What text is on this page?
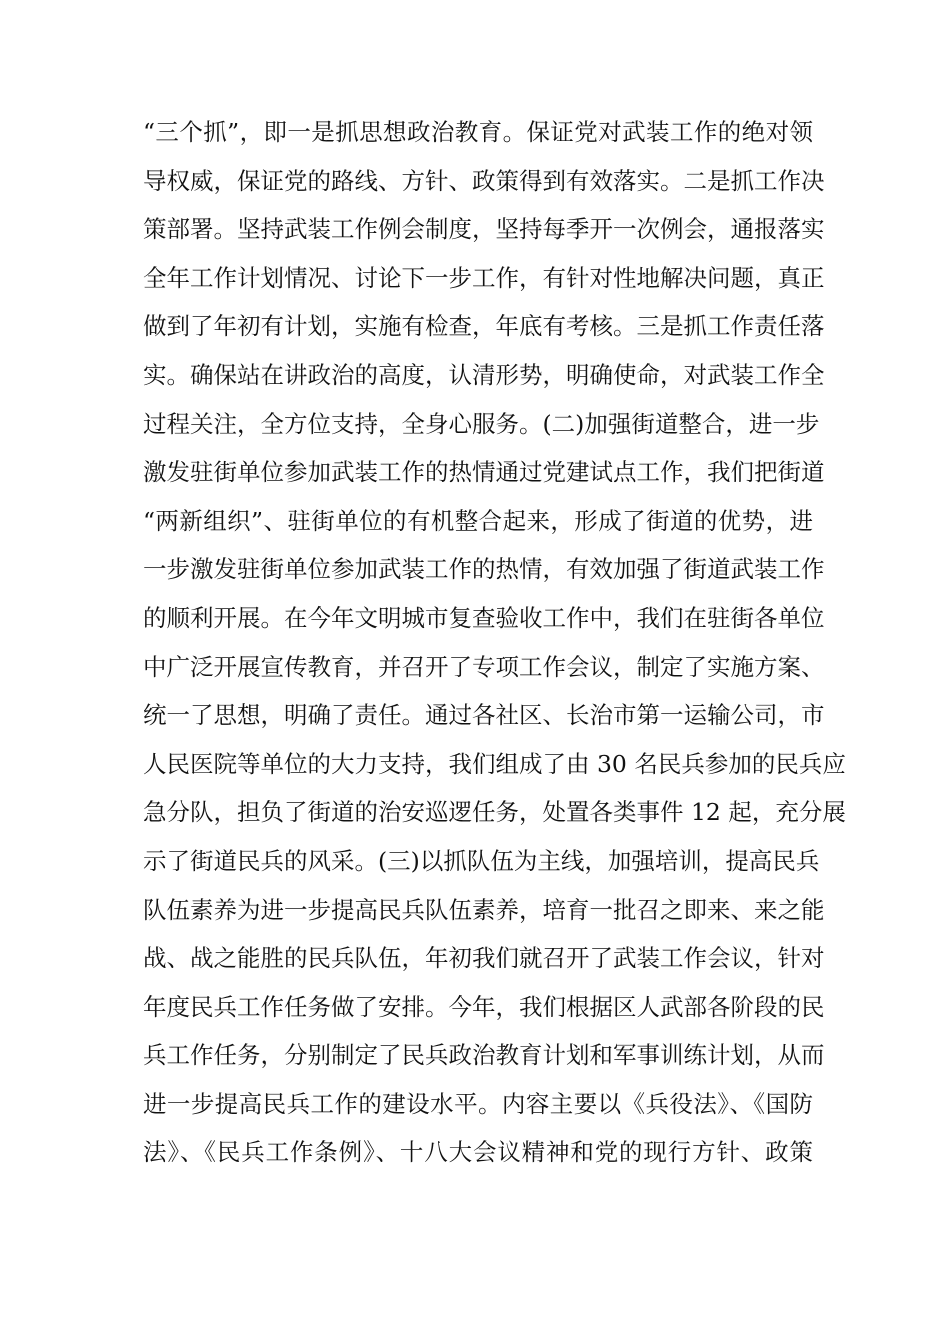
“三个抓”，即一是抓思想政治教育。保证党对武装工作的绝对领
导权威，保证党的路线、方针、政策得到有效落实。二是抓工作决
策部署。坚持武装工作例会制度，坚持每季开一次例会，通报落实
全年工作计划情况、讨论下一步工作，有针对性地解决问题，真正
做到了年初有计划，实施有检查，年底有考核。三是抓工作责任落
实。确保站在讲政治的高度，认清形势，明确使命，对武装工作全
过程关注，全方位支持，全身心服务。(二)加强街道整合，进一步
激发驻街单位参加武装工作的热情通过党建试点工作，我们把街道
“两新组织”、驻街单位的有机整合起来，形成了街道的优势，进
一步激发驻街单位参加武装工作的热情，有效加强了街道武装工作
的顺利开展。在今年文明城市复查验收工作中，我们在驻街各单位
中广泛开展宣传教育，并召开了专项工作会议，制定了实施方案、
统一了思想，明确了责任。通过各社区、长治市第一运输公司，市
人民医院等单位的大力支持，我们组成了由 30 名民兵参加的民兵应
急分队，担负了街道的治安巡逻任务，处置各类事件 12 起，充分展
示了街道民兵的风采。(三)以抓队伍为主线，加强培训，提高民兵
队伍素养为进一步提高民兵队伍素养，培育一批召之即来、来之能
战、战之能胜的民兵队伍，年初我们就召开了武装工作会议，针对
年度民兵工作任务做了安排。今年，我们根据区人武部各阶段的民
兵工作任务，分别制定了民兵政治教育计划和军事训练计划，从而
进一步提高民兵工作的建设水平。内容主要以《兵役法》、《国防
法》、《民兵工作条例》、十八大会议精神和党的现行方针、政策
